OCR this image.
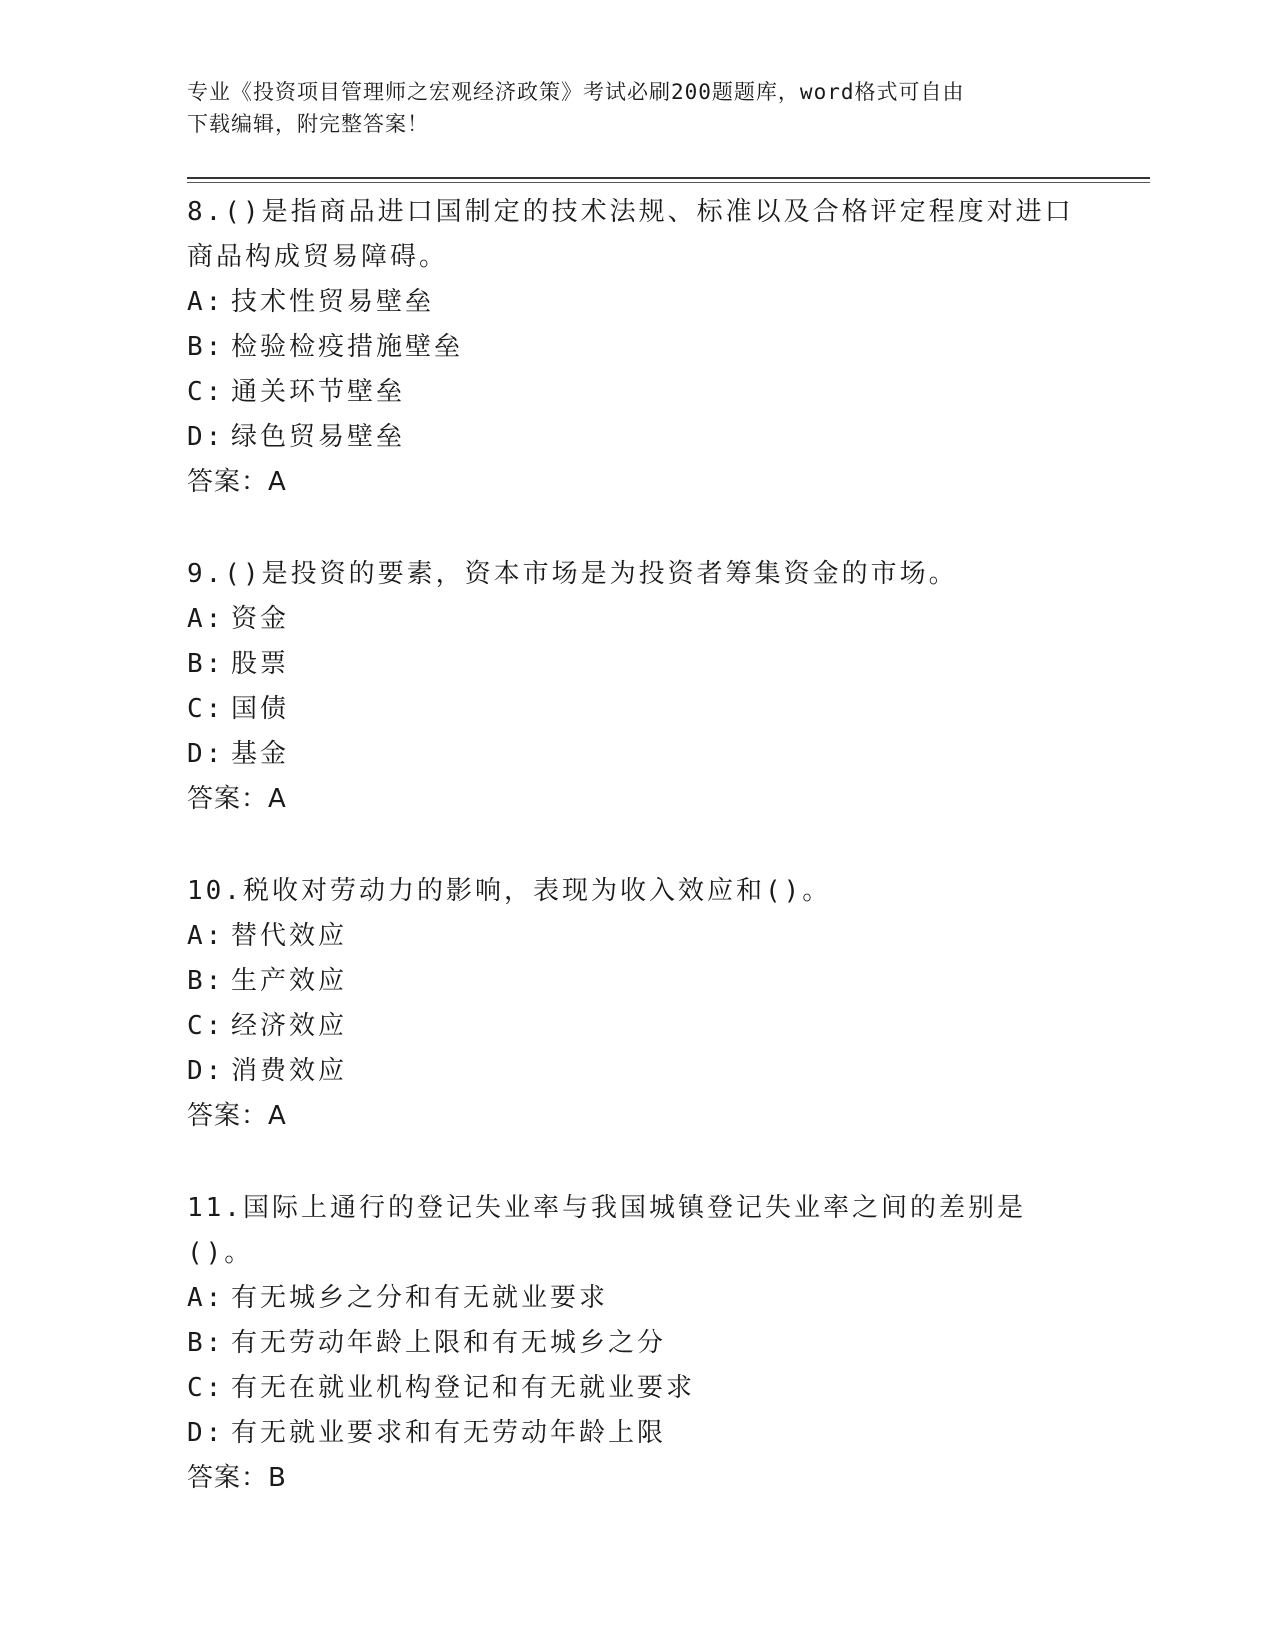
专业《投资项目管理师之宏观经济政策》考试必刷200题题库，word格式可自由
下载编辑，附完整答案！

8.()是指商品进口国制定的技术法规、标准以及合格评定程度对进口

商品构成贸易障碍。

A: 技术性贸易壁垒

B: 检验检疫措施壁垒

C: 通关环节壁垒

D: 绿色贸易壁垒

答案：A

9.()是投资的要素，资本市场是为投资者筹集资金的市场。

A: 资金

B: 股票

C: 国债

D: 基金

答案：A

10.税收对劳动力的影响，表现为收入效应和()。

A: 替代效应

B: 生产效应

C: 经济效应

D: 消费效应

答案：A

11.国际上通行的登记失业率与我国城镇登记失业率之间的差别是()。

A: 有无城乡之分和有无就业要求

B: 有无劳动年龄上限和有无城乡之分

C: 有无在就业机构登记和有无就业要求

D: 有无就业要求和有无劳动年龄上限

答案：B
